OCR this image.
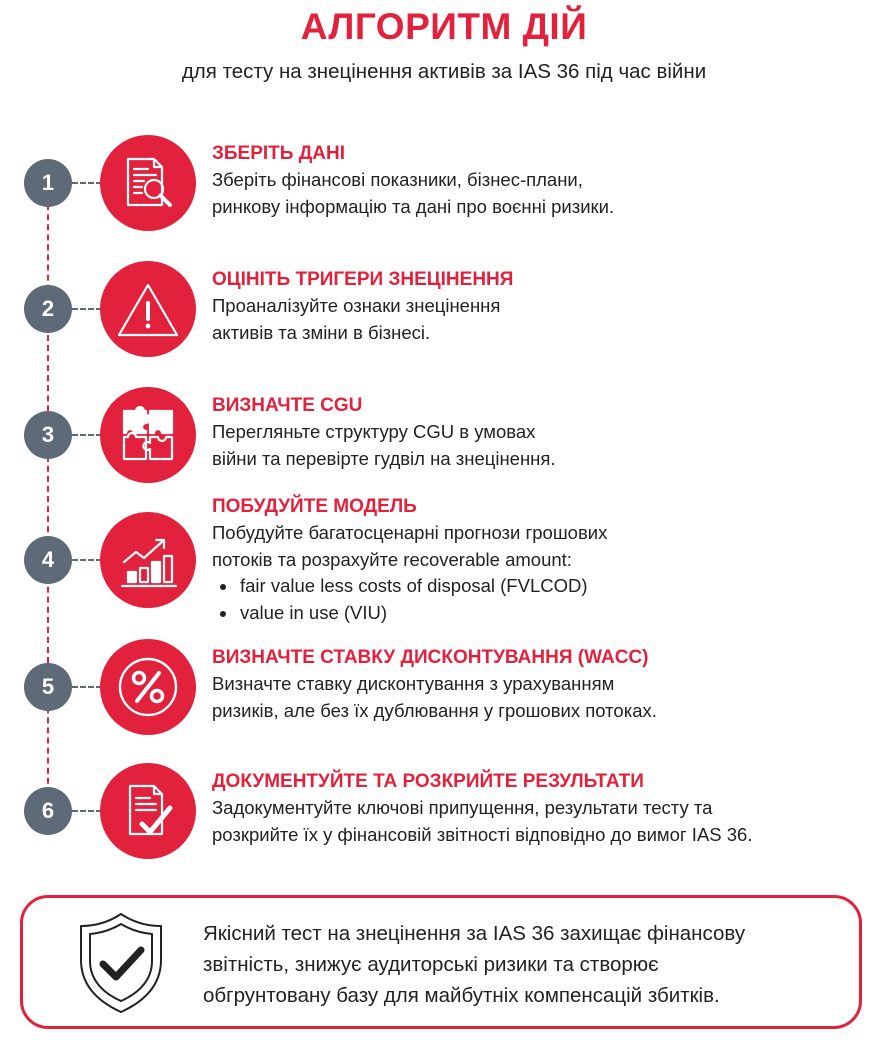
АЛГОРИТМ ДІЙ
для тесту на знецінення активів за IAS 36 під час війни
1
ЗБЕРІТЬ ДАНІ
Зберіть фінансові показники, бізнес-плани,
ринкову інформацію та дані про воєнні ризики.
2
ОЦІНІТЬ ТРИГЕРИ ЗНЕЦІНЕННЯ
Проаналізуйте ознаки знецінення
активів та зміни в бізнесі.
3
ВИЗНАЧТЕ CGU
Перегляньте структуру CGU в умовах
війни та перевірте гудвіл на знецінення.
4
ПОБУДУЙТЕ МОДЕЛЬ
Побудуйте багатосценарні прогнози грошових
потоків та розрахуйте recoverable amount:
fair value less costs of disposal (FVLCOD)
value in use (VIU)
5
ВИЗНАЧТЕ СТАВКУ ДИСКОНТУВАННЯ (WACC)
Визначте ставку дисконтування з урахуванням
ризиків, але без їх дублювання у грошових потоках.
6
ДОКУМЕНТУЙТЕ ТА РОЗКРИЙТЕ РЕЗУЛЬТАТИ
Задокументуйте ключові припущення, результати тесту та
розкрийте їх у фінансовій звітності відповідно до вимог IAS 36.
Якісний тест на знецінення за IAS 36 захищає фінансову
звітність, знижує аудиторські ризики та створює
обгрунтовану базу для майбутніх компенсацій збитків.
